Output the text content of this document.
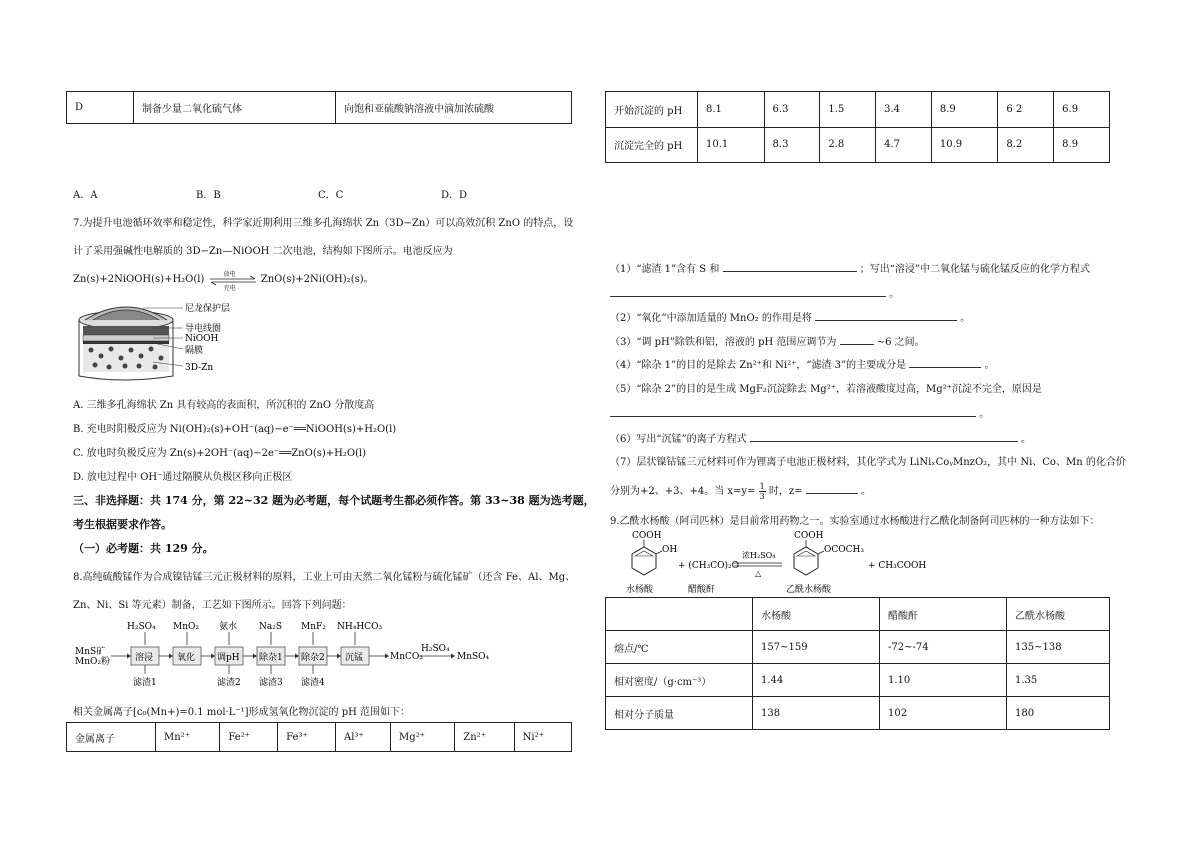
D	制备少量二氧化硫气体	向饱和亚硫酸钠溶液中滴加浓硫酸
A．A	B．B	C．C	D．D
7.为提升电池循环效率和稳定性，科学家近期利用三维多孔海绵状 Zn（3D−Zn）可以高效沉积 ZnO 的特点，设
计了采用强碱性电解质的 3D−Zn—NiOOH 二次电池，结构如下图所示。电池反应为
Zn(s)+2NiOOH(s)+H₂O(l)	放电
充电
ZnO(s)+2Ni(OH)₂(s)。
尼龙保护层
导电线圈
NiOOH
隔膜
3D-Zn
A. 三维多孔海绵状 Zn 具有较高的表面积，所沉积的 ZnO 分散度高
B. 充电时阳极反应为 Ni(OH)₂(s)+OH⁻(aq)−e⁻══NiOOH(s)+H₂O(l)
C. 放电时负极反应为 Zn(s)+2OH⁻(aq)−2e⁻══ZnO(s)+H₂O(l)
D. 放电过程中 OH⁻通过隔膜从负极区移向正极区
三、非选择题：共 174 分，第 22~32 题为必考题，每个试题考生都必须作答。第 33~38 题为选考题，
考生根据要求作答。
（一）必考题：共 129 分。
8.高纯硫酸锰作为合成镍钴锰三元正极材料的原料，工业上可由天然二氧化锰粉与硫化锰矿（还含 Fe、Al、Mg、
Zn、Ni、Si 等元素）制备，工艺如下图所示。回答下列问题：
MnS矿
MnO₂粉	溶浸	氧化 调pH 除杂1 除杂2 沉锰
H₂SO₄ MnO₂ 氨水 Na₂S MnF₂ NH₄HCO₃
滤渣1	滤渣2 滤渣3 滤渣4
MnCO₃
H₂SO₄
MnSO₄
相关金属离子[c₀(Mn+)=0.1 mol·L⁻¹]形成氢氧化物沉淀的 pH 范围如下：
金属离子	Mn²⁺	Fe²⁺	Fe³⁺	Al³⁺	Mg²⁺	Zn²⁺	Ni²⁺
开始沉淀的 pH	8.1	6.3	1.5	3.4	8.9	6 2	6.9
沉淀完全的 pH	10.1	8.3	2.8	4.7	10.9	8.2	8.9
（1）“滤渣 1”含有 S 和	；写出“溶浸”中二氧化锰与硫化锰反应的化学方程式
。
（2）“氧化”中添加适量的 MnO₂ 的作用是将	。
（3）“调 pH”除铁和铝，溶液的 pH 范围应调节为	~6 之间。
（4）“除杂 1”的目的是除去 Zn²⁺和 Ni²⁺，“滤渣 3”的主要成分是	。
（5）“除杂 2”的目的是生成 MgF₂沉淀除去 Mg²⁺，若溶液酸度过高，Mg²⁺沉淀不完全，原因是
。
（6）写出“沉锰”的离子方程式	。
（7）层状镍钴锰三元材料可作为锂离子电池正极材料，其化学式为 LiNiₓCoᵧMnzO₂，其中 Ni、Co、Mn 的化合价
分别为+2、+3、+4。当 $x=y= \frac{1}{3}$ 时，z=	。
9.乙酰水杨酸（阿司匹林）是目前常用药物之一。实验室通过水杨酸进行乙酰化制备阿司匹林的一种方法如下：
COOH
OH
水杨酸
+ (CH₃CO)₂O
醋酸酐
浓H₂SO₄
△
COOH
OCOCH₃
乙酰水杨酸
+ CH₃COOH
	水杨酸	醋酸酐	乙酰水杨酸
熔点/℃	157~159	-72~-74	135~138
相对密度/（g·cm⁻³）	1.44	1.10	1.35
相对分子质量	138	102	180
